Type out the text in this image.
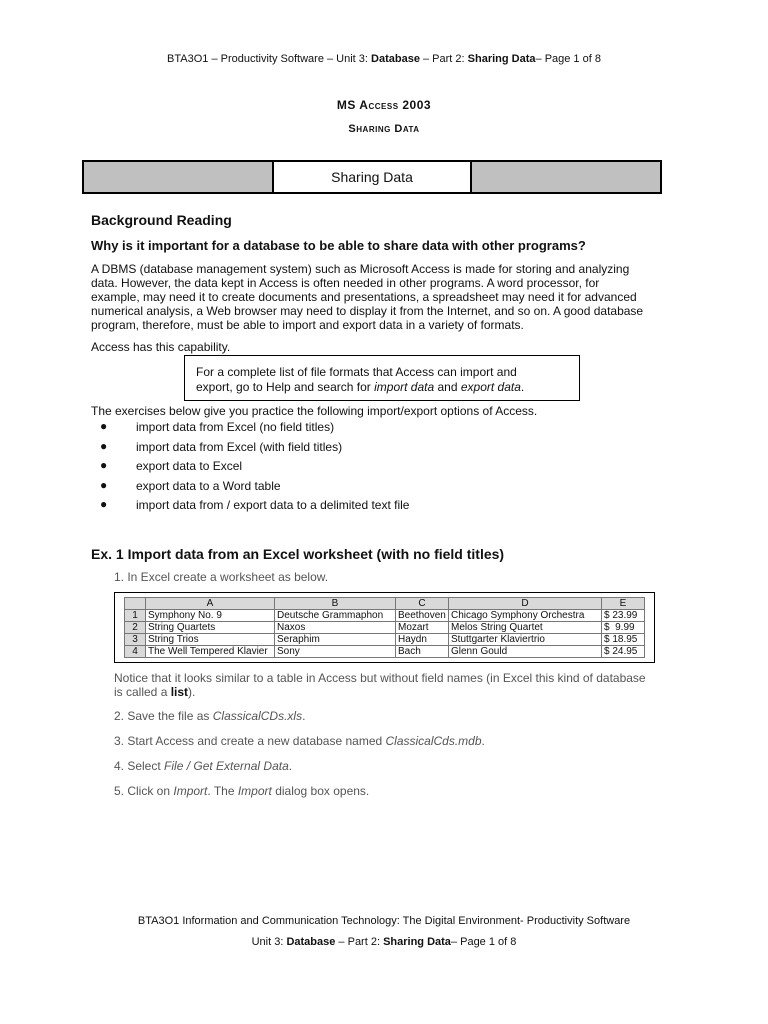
BTA3O1 – Productivity Software – Unit 3: Database – Part 2: Sharing Data– Page 1 of 8
MS Access 2003
Sharing Data
Sharing Data
Background Reading
Why is it important for a database to be able to share data with other programs?
A DBMS (database management system) such as Microsoft Access is made for storing and analyzing
data. However, the data kept in Access is often needed in other programs. A word processor, for
example, may need it to create documents and presentations, a spreadsheet may need it for advanced
numerical analysis, a Web browser may need to display it from the Internet, and so on. A good database
program, therefore, must be able to import and export data in a variety of formats.
Access has this capability.
For a complete list of file formats that Access can import and
export, go to Help and search for import data and export data.
The exercises below give you practice the following import/export options of Access.
● import data from Excel (no field titles)
● import data from Excel (with field titles)
● export data to Excel
● export data to a Word table
● import data from / export data to a delimited text file
Ex. 1 Import data from an Excel worksheet (with no field titles)
1. In Excel create a worksheet as below.
	A	B	C	D	E
1	Symphony No. 9	Deutsche Grammaphon	Beethoven	Chicago Symphony Orchestra	$ 23.99
2	String Quartets	Naxos	Mozart	Melos String Quartet	$  9.99
3	String Trios	Seraphim	Haydn	Stuttgarter Klaviertrio	$ 18.95
4	The Well Tempered Klavier	Sony	Bach	Glenn Gould	$ 24.95
Notice that it looks similar to a table in Access but without field names (in Excel this kind of database
is called a list).
2. Save the file as ClassicalCDs.xls.
3. Start Access and create a new database named ClassicalCds.mdb.
4. Select File / Get External Data.
5. Click on Import. The Import dialog box opens.
BTA3O1 Information and Communication Technology: The Digital Environment- Productivity Software
Unit 3: Database – Part 2: Sharing Data– Page 1 of 8
